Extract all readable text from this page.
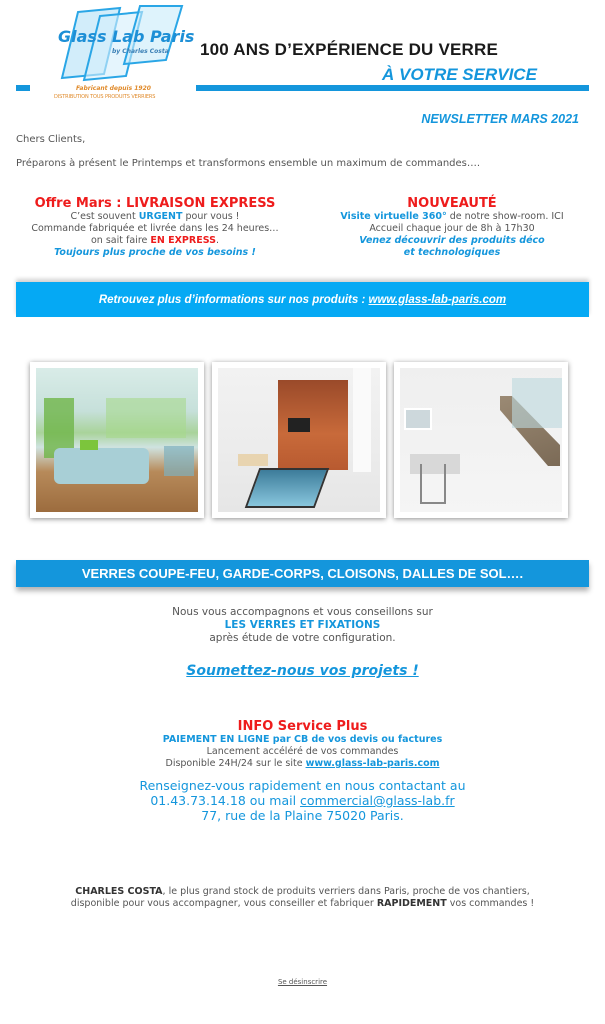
Glass Lab Paris
by Charles Costa
Fabricant depuis 1920
DISTRIBUTION TOUS PRODUITS VERRIERS
100 ANS D’EXPÉRIENCE DU VERRE
À VOTRE SERVICE
NEWSLETTER MARS 2021
Chers Clients,
Préparons à présent le Printemps et transformons ensemble un maximum de commandes….
Offre Mars : LIVRAISON EXPRESS
C’est souvent URGENT pour vous !
Commande fabriquée et livrée dans les 24 heures…
on sait faire EN EXPRESS.
Toujours plus proche de vos besoins !
NOUVEAUTÉ
Visite virtuelle 360° de notre show-room. ICI
Accueil chaque jour de 8h à 17h30
Venez découvrir des produits déco
et technologiques
Retrouvez plus d’informations sur nos produits :
www.glass-lab-paris.com
VERRES COUPE-FEU, GARDE-CORPS, CLOISONS, DALLES DE SOL….
Nous vous accompagnons et vous conseillons sur
LES VERRES ET FIXATIONS
après étude de votre configuration.
Soumettez-nous vos projets !
INFO Service Plus
PAIEMENT EN LIGNE par CB de vos devis ou factures
Lancement accéléré de vos commandes
Disponible 24H/24 sur le site www.glass-lab-paris.com
Renseignez-vous rapidement en nous contactant au
01.43.73.14.18 ou mail commercial@glass-lab.fr
77, rue de la Plaine 75020 Paris.
CHARLES COSTA, le plus grand stock de produits verriers dans Paris, proche de vos chantiers,
disponible pour vous accompagner, vous conseiller et fabriquer RAPIDEMENT vos commandes !
Se désinscrire
